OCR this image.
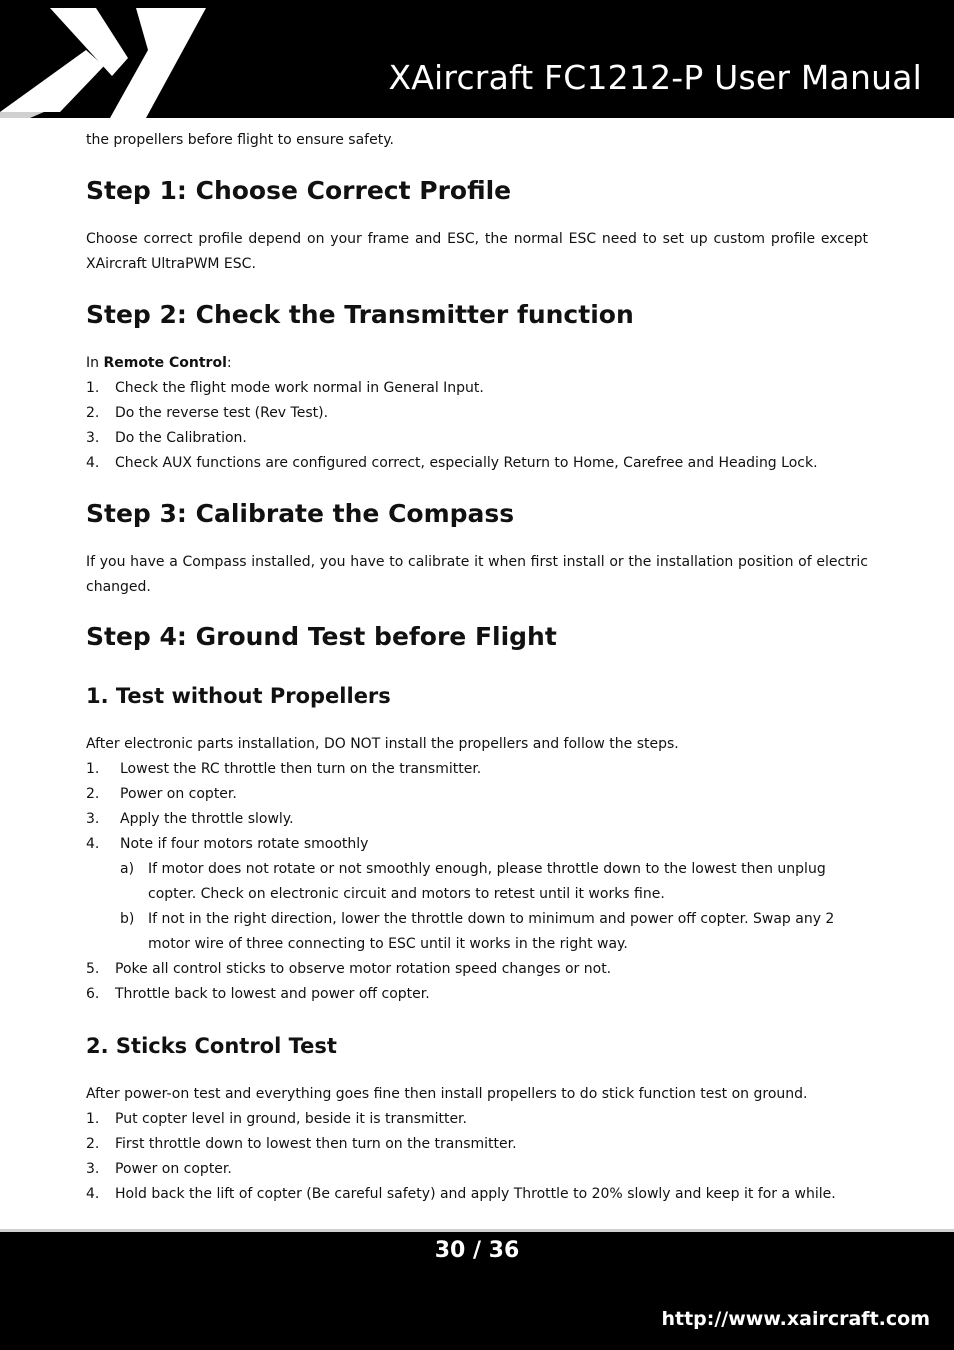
XAircraft FC1212-P User Manual

the propellers before flight to ensure safety.

Step 1: Choose Correct Profile

Choose correct profile depend on your frame and ESC, the normal ESC need to set up custom profile except XAircraft UltraPWM ESC.

Step 2: Check the Transmitter function

In Remote Control:

1. Check the flight mode work normal in General Input.
2. Do the reverse test (Rev Test).
3. Do the Calibration.
4. Check AUX functions are configured correct, especially Return to Home, Carefree and Heading Lock.
Step 3: Calibrate the Compass

If you have a Compass installed, you have to calibrate it when first install or the installation position of electric changed.

Step 4: Ground Test before Flight
1. Test without Propellers

After electronic parts installation, DO NOT install the propellers and follow the steps.

1. Lowest the RC throttle then turn on the transmitter.
2. Power on copter.
3. Apply the throttle slowly.
4. Note if four motors rotate smoothly
a) If motor does not rotate or not smoothly enough, please throttle down to the lowest then unplug copter. Check on electronic circuit and motors to retest until it works fine.
b) If not in the right direction, lower the throttle down to minimum and power off copter. Swap any 2 motor wire of three connecting to ESC until it works in the right way.
5. Poke all control sticks to observe motor rotation speed changes or not.
6. Throttle back to lowest and power off copter.
2. Sticks Control Test

After power-on test and everything goes fine then install propellers to do stick function test on ground.

1. Put copter level in ground, beside it is transmitter.
2. First throttle down to lowest then turn on the transmitter.
3. Power on copter.
4. Hold back the lift of copter (Be careful safety) and apply Throttle to 20% slowly and keep it for a while.
30 / 36
http://www.xaircraft.com
